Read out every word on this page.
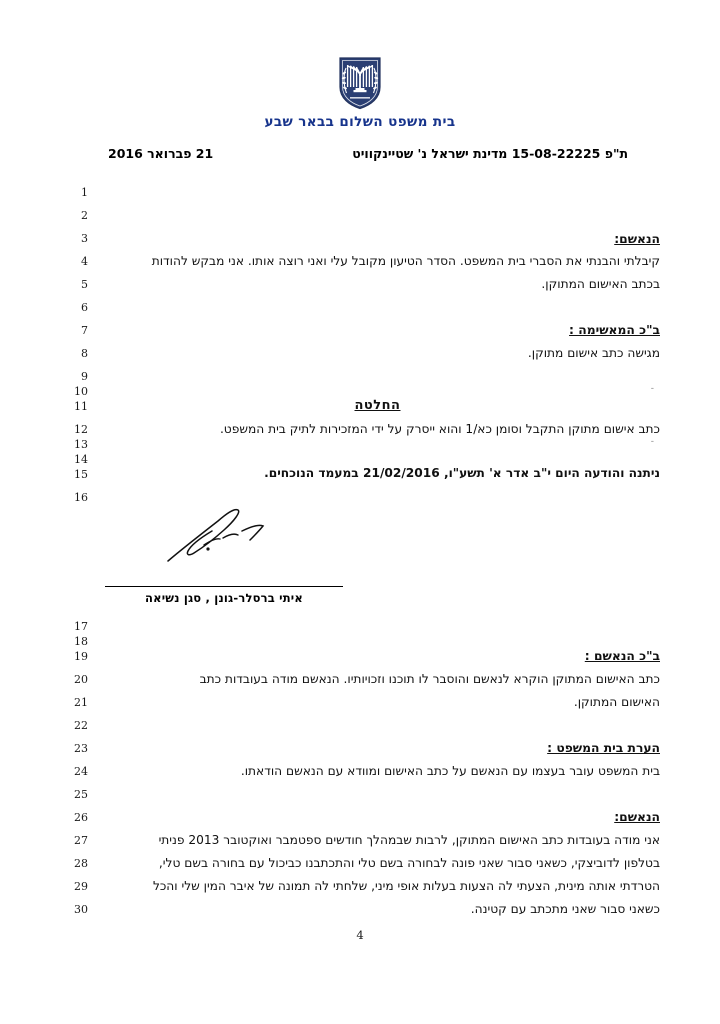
בית משפט השלום בבאר שבע
ת"פ 15-08-22225 מדינת ישראל נ' שטיינקוויט
21 פברואר 2016
1
2
3
4
5
6
7
8
9
10
11
12
13
14
15
16
17
18
19
20
21
22
23
24
25
26
27
28
29
30
הנאשם:
קיבלתי והבנתי את הסברי בית המשפט. הסדר הטיעון מקובל עלי ואני רוצה אותו. אני מבקש להודות
בכתב האישום המתוקן.
ב"כ המאשימה :
מגישה כתב אישום מתוקן.
־
החלטה
כתב אישום מתוקן התקבל וסומן כא/1 והוא ייסרק על ידי המזכירות לתיק בית המשפט.
־
ניתנה והודעה היום י"ב אדר א' תשע"ו, 21/02/2016 במעמד הנוכחים.
ב"כ הנאשם :
כתב האישום המתוקן הוקרא לנאשם והוסבר לו תוכנו וזכויותיו. הנאשם מודה בעובדות כתב
האישום המתוקן.
הערת בית המשפט :
בית המשפט עובר בעצמו עם הנאשם על כתב האישום ומוודא עם הנאשם הודאתו.
הנאשם:
אני מודה בעובדות כתב האישום המתוקן, לרבות שבמהלך חודשים ספטמבר ואוקטובר 2013 פניתי
בטלפון לדוביצקי, כשאני סבור שאני פונה לבחורה בשם טלי והתכתבנו כביכול עם בחורה בשם טלי,
הטרדתי אותה מינית, הצעתי לה הצעות בעלות אופי מיני, שלחתי לה תמונה של איבר המין שלי והכל
כשאני סבור שאני מתכתב עם קטינה.
איתי ברסלר-גונן , סגן נשיאה
4
